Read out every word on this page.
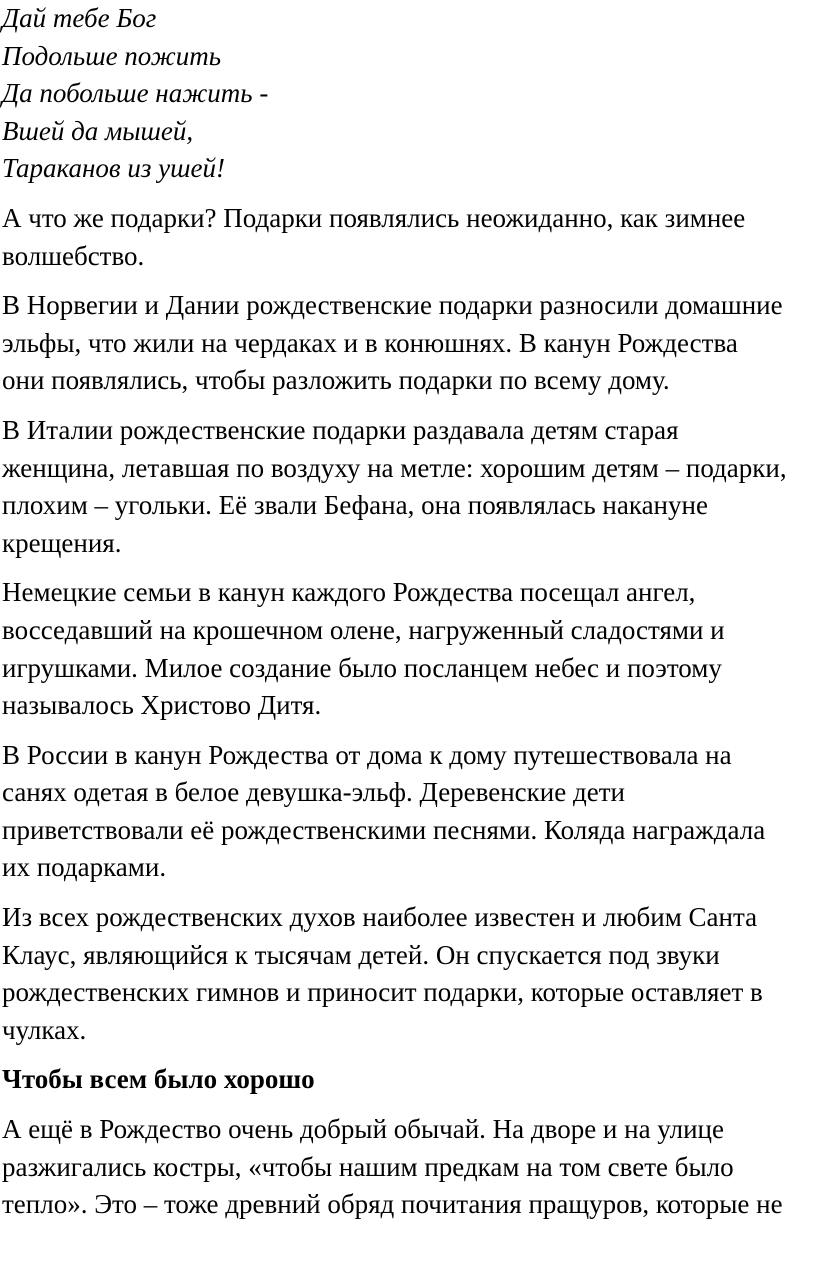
Дай тебе Бог
Подольше пожить
Да побольше нажить -
Вшей да мышей,
Тараканов из ушей!
А что же подарки? Подарки появлялись неожиданно, как зимнее
волшебство.
В Норвегии и Дании рождественские подарки разносили домашние
эльфы, что жили на чердаках и в конюшнях. В канун Рождества
они появлялись, чтобы разложить подарки по всему дому.
В Италии рождественские подарки раздавала детям старая
женщина, летавшая по воздуху на метле: хорошим детям – подарки,
плохим – угольки. Её звали Бефана, она появлялась накануне
крещения.
Немецкие семьи в канун каждого Рождества посещал ангел,
восседавший на крошечном олене, нагруженный сладостями и
игрушками. Милое создание было посланцем небес и поэтому
называлось Христово Дитя.
В России в канун Рождества от дома к дому путешествовала на
санях одетая в белое девушка-эльф. Деревенские дети
приветствовали её рождественскими песнями. Коляда награждала
их подарками.
Из всех рождественских духов наиболее известен и любим Санта
Клаус, являющийся к тысячам детей. Он спускается под звуки
рождественских гимнов и приносит подарки, которые оставляет в
чулках.
Чтобы всем было хорошо
А ещё в Рождество очень добрый обычай. На дворе и на улице
разжигались костры, «чтобы нашим предкам на том свете было
тепло». Это – тоже древний обряд почитания пращуров, которые не
